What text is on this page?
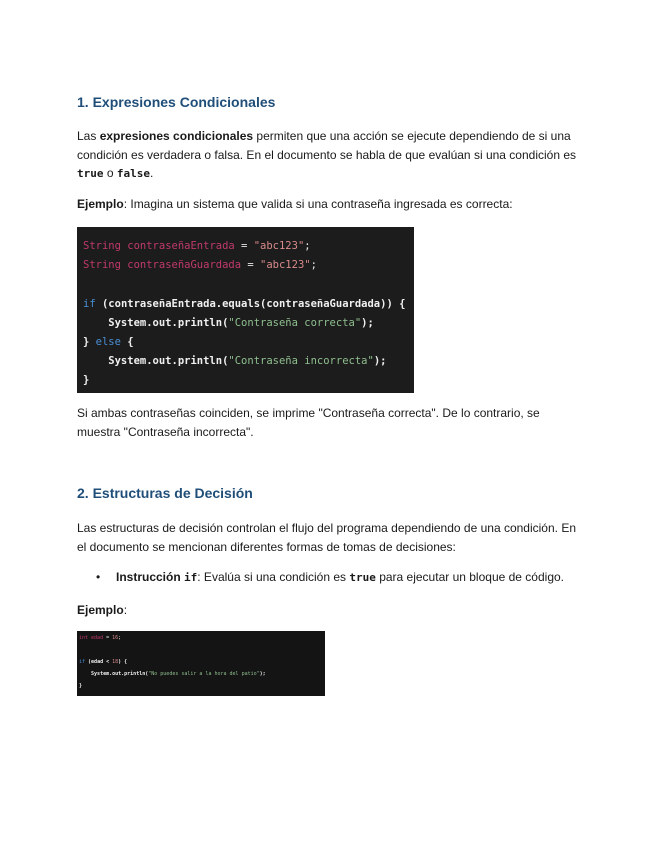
1. Expresiones Condicionales

Las expresiones condicionales permiten que una acción se ejecute dependiendo de si una condición es verdadera o falsa. En el documento se habla de que evalúan si una condición es true o false.

Ejemplo: Imagina un sistema que valida si una contraseña ingresada es correcta:

String contraseñaEntrada = "abc123";
String contraseñaGuardada = "abc123";
if (contraseñaEntrada.equals(contraseñaGuardada)) {
System.out.println("Contraseña correcta");
} else {
System.out.println("Contraseña incorrecta");
}

Si ambas contraseñas coinciden, se imprime "Contraseña correcta". De lo contrario, se muestra "Contraseña incorrecta".

2. Estructuras de Decisión

Las estructuras de decisión controlan el flujo del programa dependiendo de una condición. En el documento se mencionan diferentes formas de tomas de decisiones:

• Instrucción if: Evalúa si una condición es true para ejecutar un bloque de código.

Ejemplo:

int edad = 16;
if (edad < 18) {
System.out.println("No puedes salir a la hora del patio");
}
